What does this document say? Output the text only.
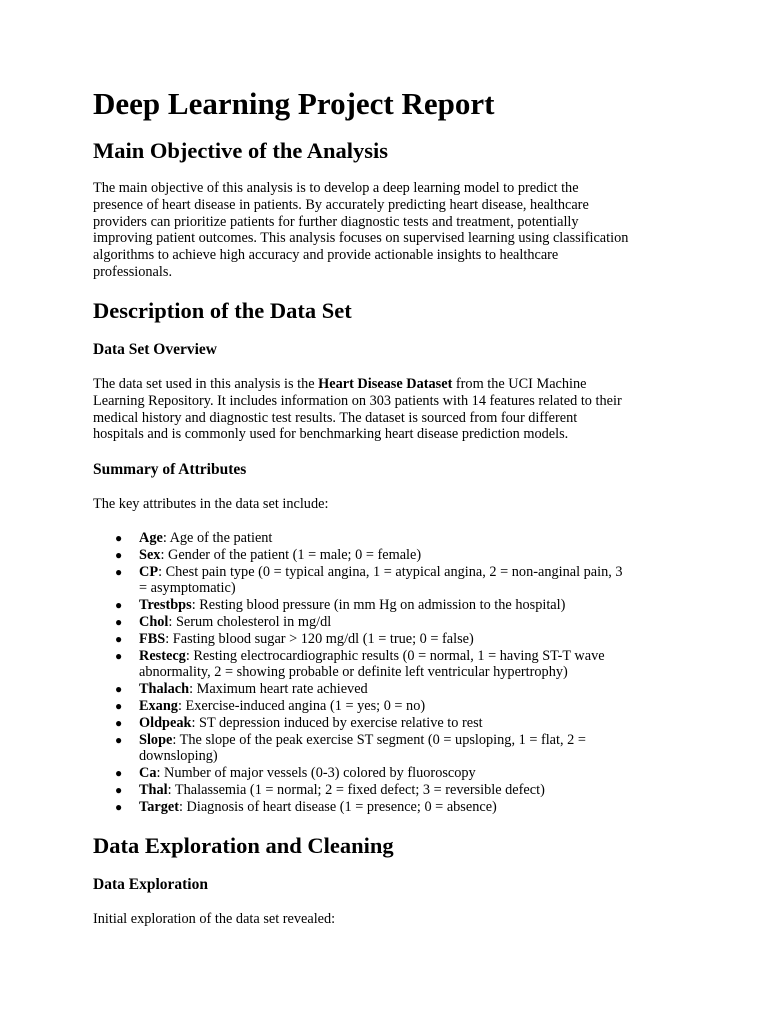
Deep Learning Project Report
Main Objective of the Analysis

The main objective of this analysis is to develop a deep learning model to predict the
presence of heart disease in patients. By accurately predicting heart disease, healthcare
providers can prioritize patients for further diagnostic tests and treatment, potentially
improving patient outcomes. This analysis focuses on supervised learning using classification
algorithms to achieve high accuracy and provide actionable insights to healthcare
professionals.

Description of the Data Set
Data Set Overview

The data set used in this analysis is the Heart Disease Dataset from the UCI Machine
Learning Repository. It includes information on 303 patients with 14 features related to their
medical history and diagnostic test results. The dataset is sourced from four different
hospitals and is commonly used for benchmarking heart disease prediction models.

Summary of Attributes

The key attributes in the data set include:

● Age: Age of the patient
● Sex: Gender of the patient (1 = male; 0 = female)
● CP: Chest pain type (0 = typical angina, 1 = atypical angina, 2 = non-anginal pain, 3
= asymptomatic)
● Trestbps: Resting blood pressure (in mm Hg on admission to the hospital)
● Chol: Serum cholesterol in mg/dl
● FBS: Fasting blood sugar > 120 mg/dl (1 = true; 0 = false)
● Restecg: Resting electrocardiographic results (0 = normal, 1 = having ST-T wave
abnormality, 2 = showing probable or definite left ventricular hypertrophy)
● Thalach: Maximum heart rate achieved
● Exang: Exercise-induced angina (1 = yes; 0 = no)
● Oldpeak: ST depression induced by exercise relative to rest
● Slope: The slope of the peak exercise ST segment (0 = upsloping, 1 = flat, 2 =
downsloping)
● Ca: Number of major vessels (0-3) colored by fluoroscopy
● Thal: Thalassemia (1 = normal; 2 = fixed defect; 3 = reversible defect)
● Target: Diagnosis of heart disease (1 = presence; 0 = absence)
Data Exploration and Cleaning
Data Exploration

Initial exploration of the data set revealed:
